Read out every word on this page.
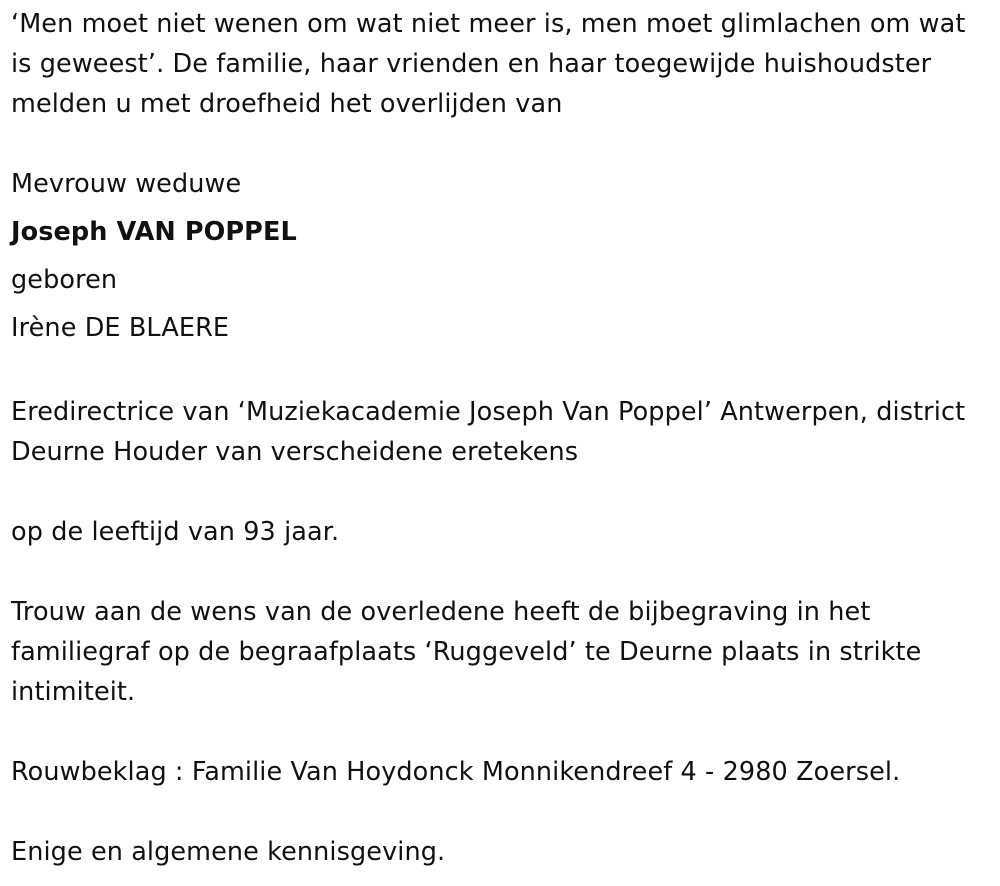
‘Men moet niet wenen om wat niet meer is, men moet glimlachen om wat is geweest’. De familie, haar vrienden en haar toegewijde huishoudster melden u met droefheid het overlijden van

Mevrouw weduwe

Joseph VAN POPPEL

geboren

Irène DE BLAERE

Eredirectrice van ‘Muziekacademie Joseph Van Poppel’ Antwerpen, district Deurne Houder van verscheidene eretekens

op de leeftijd van 93 jaar.

Trouw aan de wens van de overledene heeft de bijbegraving in het familiegraf op de begraafplaats ‘Ruggeveld’ te Deurne plaats in strikte intimiteit.

Rouwbeklag : Familie Van Hoydonck Monnikendreef 4 - 2980 Zoersel.

Enige en algemene kennisgeving.
